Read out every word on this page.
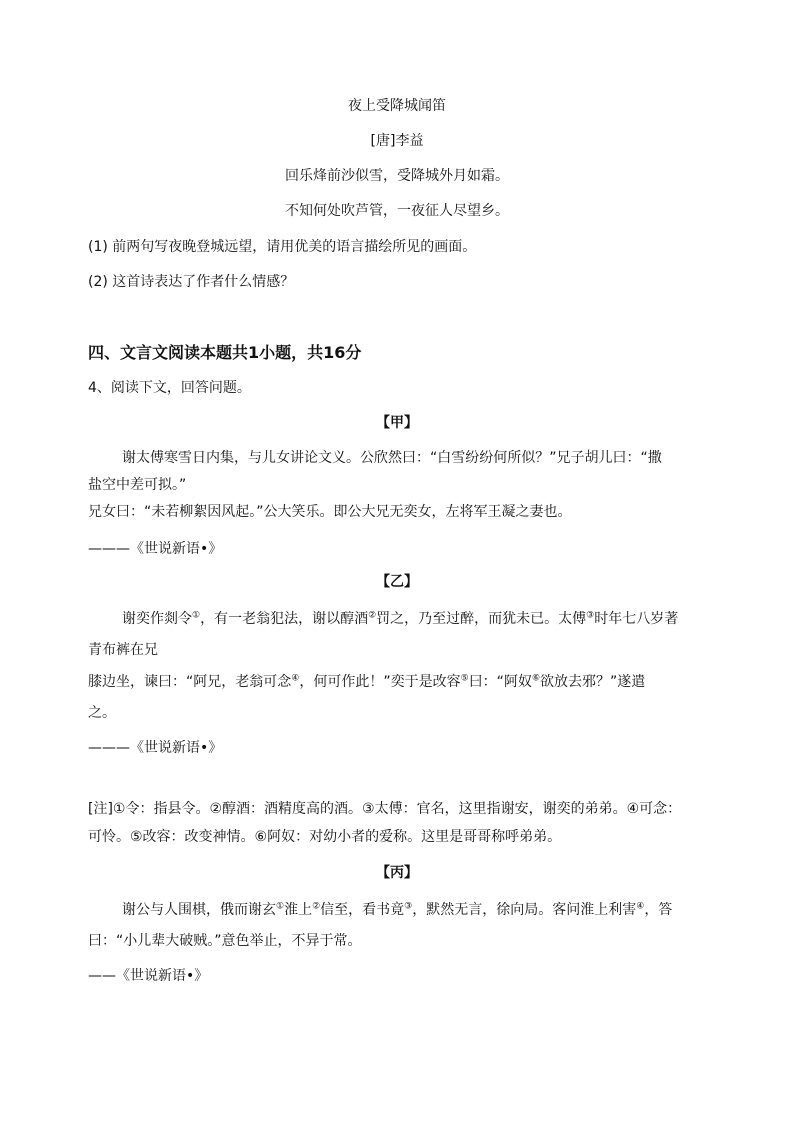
夜上受降城闻笛
[唐]李益
回乐烽前沙似雪，受降城外月如霜。
不知何处吹芦管，一夜征人尽望乡。
(1) 前两句写夜晚登城远望，请用优美的语言描绘所见的画面。
(2) 这首诗表达了作者什么情感？
四、文言文阅读本题共1小题，共16分
4、阅读下文，回答问题。
【甲】
谢太傅寒雪日内集，与儿女讲论文义。公欣然曰：“白雪纷纷何所似？”兄子胡儿曰：“撒
盐空中差可拟。”
兄女曰：“未若柳絮因风起。”公大笑乐。即公大兄无奕女，左将军王凝之妻也。
———《世说新语•》
【乙】
谢奕作剡令①，有一老翁犯法，谢以醇酒②罚之，乃至过醉，而犹未已。太傅③时年七八岁著
青布裤在兄
膝边坐，谏曰：“阿兄，老翁可念④，何可作此！”奕于是改容⑤曰：“阿奴⑥欲放去邪？”遂遣
之。
———《世说新语•》
[注]①令：指县令。②醇酒：酒精度高的酒。③太傅：官名，这里指谢安，谢奕的弟弟。④可念：
可怜。⑤改容：改变神情。⑥阿奴：对幼小者的爱称。这里是哥哥称呼弟弟。
【丙】
谢公与人围棋，俄而谢玄①淮上②信至，看书竟③，默然无言，徐向局。客问淮上利害④，答
曰：“小儿辈大破贼。”意色举止，不异于常。
——《世说新语•》
